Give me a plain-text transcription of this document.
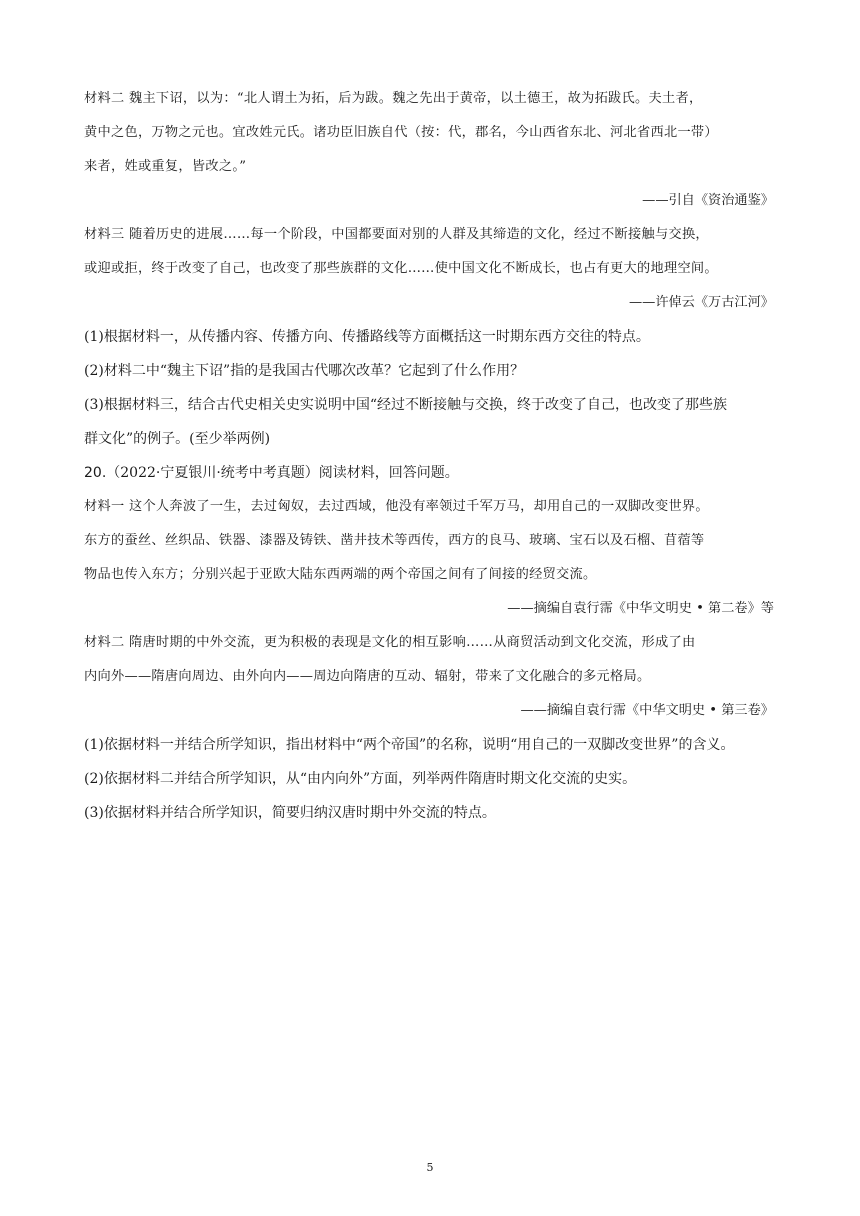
材料二 魏主下诏，以为：“北人谓土为拓，后为跋。魏之先出于黄帝，以土德王，故为拓跋氏。夫土者，
黄中之色，万物之元也。宜改姓元氏。诸功臣旧族自代（按：代，郡名，今山西省东北、河北省西北一带）
来者，姓或重复，皆改之。”
——引自《资治通鉴》
材料三 随着历史的进展……每一个阶段，中国都要面对别的人群及其缔造的文化，经过不断接触与交换，
或迎或拒，终于改变了自己，也改变了那些族群的文化……使中国文化不断成长，也占有更大的地理空间。
——许倬云《万古江河》
(1)根据材料一，从传播内容、传播方向、传播路线等方面概括这一时期东西方交往的特点。
(2)材料二中“魏主下诏”指的是我国古代哪次改革？它起到了什么作用？
(3)根据材料三，结合古代史相关史实说明中国“经过不断接触与交换，终于改变了自己，也改变了那些族
群文化”的例子。(至少举两例)
20.（2022·宁夏银川·统考中考真题）阅读材料，回答问题。
材料一 这个人奔波了一生，去过匈奴，去过西域，他没有率领过千军万马，却用自己的一双脚改变世界。
东方的蚕丝、丝织品、铁器、漆器及铸铁、凿井技术等西传，西方的良马、玻璃、宝石以及石榴、苜蓿等
物品也传入东方；分别兴起于亚欧大陆东西两端的两个帝国之间有了间接的经贸交流。
——摘编自袁行霈《中华文明史 • 第二卷》等
材料二 隋唐时期的中外交流，更为积极的表现是文化的相互影响……从商贸活动到文化交流，形成了由
内向外——隋唐向周边、由外向内——周边向隋唐的互动、辐射，带来了文化融合的多元格局。
——摘编自袁行霈《中华文明史 • 第三卷》
(1)依据材料一并结合所学知识，指出材料中“两个帝国”的名称，说明“用自己的一双脚改变世界”的含义。
(2)依据材料二并结合所学知识，从“由内向外”方面，列举两件隋唐时期文化交流的史实。
(3)依据材料并结合所学知识，简要归纳汉唐时期中外交流的特点。
5
